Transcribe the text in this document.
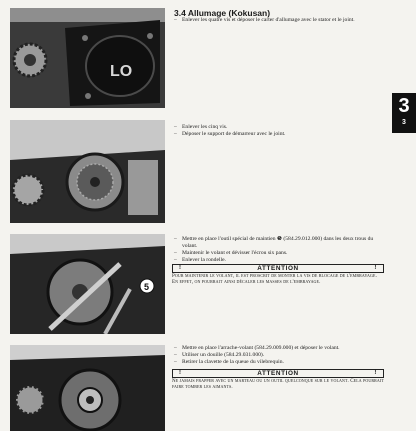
LO
5
3.4 Allumage (Kokusan)
– Enlever les quatre vis et déposer le carter d'allumage avec le stator et le joint.
– Enlever les cinq vis.
– Déposer le support de démarreur avec le joint.
– Mettre en place l'outil spécial de maintien ❺ (584.29.012.000) dans les deux trous du volant.
– Maintenir le volant et dévisser l'écrou six pans.
– Enlever la rondelle.
!	ATTENTION	!

Pour maintenir le volant, il est proscrit de monter la vis de blocage de l'embrayage. En effet, on pourrait ainsi décaler les masses de l'embrayage.

– Mettre en place l'arrache-volant (584.29.009.000) et déposer le volant.
– Utiliser un douille (584.29.031.000).
– Retirer la clavette de la queue du vilebrequin.
!	ATTENTION	!

Ne jamais frapper avec un marteau ou un outil quelconque sur le volant. Cela pourrait faire tomber les aimants.

3
3
